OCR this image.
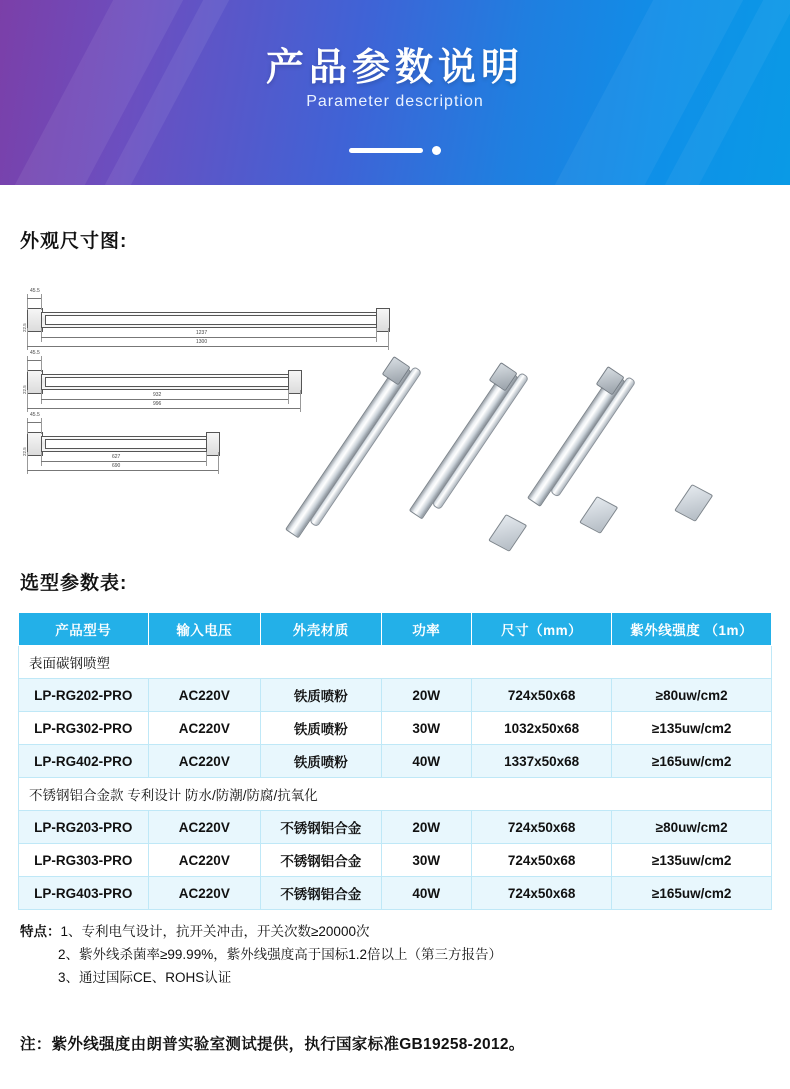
产品参数说明
Parameter description
外观尺寸图:
选型参数表:
45.5
22.5
1237
1300
45.5
22.5
932
996
45.5
22.5
627
690
产品型号	输入电压	外壳材质	功率	尺寸（mm）	紫外线强度 （1m）
表面碳钢喷塑					
LP-RG202-PRO	AC220V	铁质喷粉	20W	724x50x68	≥80uw/cm2
LP-RG302-PRO	AC220V	铁质喷粉	30W	1032x50x68	≥135uw/cm2
LP-RG402-PRO	AC220V	铁质喷粉	40W	1337x50x68	≥165uw/cm2
不锈钢铝合金款 专利设计 防水/防潮/防腐/抗氧化					
LP-RG203-PRO	AC220V	不锈钢铝合金	20W	724x50x68	≥80uw/cm2
LP-RG303-PRO	AC220V	不锈钢铝合金	30W	724x50x68	≥135uw/cm2
LP-RG403-PRO	AC220V	不锈钢铝合金	40W	724x50x68	≥165uw/cm2
特点：1、专利电气设计，抗开关冲击，开关次数≥20000次
2、紫外线杀菌率≥99.99%，紫外线强度高于国标1.2倍以上（第三方报告）
3、通过国际CE、ROHS认证
注：紫外线强度由朗普实验室测试提供，执行国家标准GB19258-2012。
